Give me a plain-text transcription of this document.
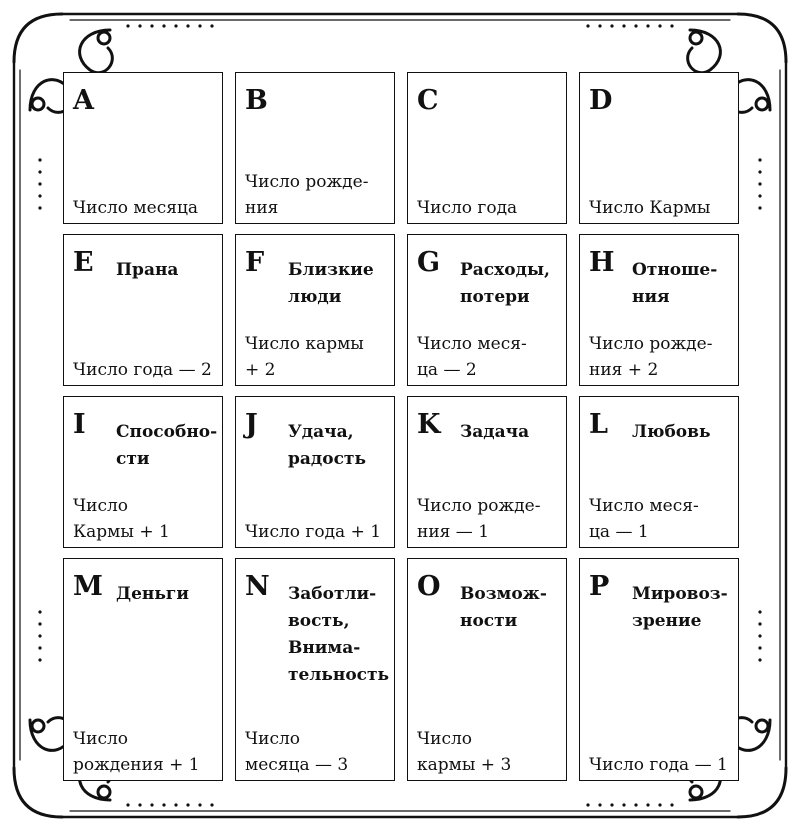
A
Число месяца
B
Число рожде-
ния
C
Число года
D
Число Кармы
E Прана
Число года — 2
F Близкие
люди
Число кармы
+ 2
G Расходы,
потери
Число меся-
ца — 2
H Отноше-
ния
Число рожде-
ния + 2
I Способно-
сти
Число
Кармы + 1
J Удача,
радость
Число года + 1
K Задача
Число рожде-
ния — 1
L Любовь
Число меся-
ца — 1
M Деньги
Число
рождения + 1
N Заботли-
вость,
Внима-
тельность
Число
месяца — 3
O Возмож-
ности
Число
кармы + 3
P Мировоз-
зрение
Число года — 1
